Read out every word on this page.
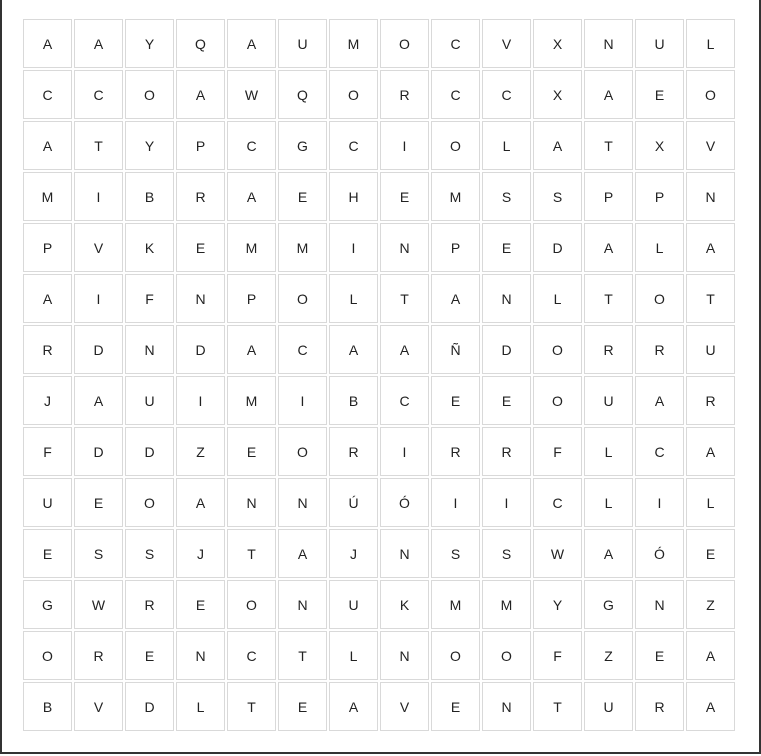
A	A	Y	Q	A	U	M	O	C	V	X	N	U	L
C	C	O	A	W	Q	O	R	C	C	X	A	E	O
A	T	Y	P	C	G	C	I	O	L	A	T	X	V
M	I	B	R	A	E	H	E	M	S	S	P	P	N
P	V	K	E	M	M	I	N	P	E	D	A	L	A
A	I	F	N	P	O	L	T	A	N	L	T	O	T
R	D	N	D	A	C	A	A	Ñ	D	O	R	R	U
J	A	U	I	M	I	B	C	E	E	O	U	A	R
F	D	D	Z	E	O	R	I	R	R	F	L	C	A
U	E	O	A	N	N	Ú	Ó	I	I	C	L	I	L
E	S	S	J	T	A	J	N	S	S	W	A	Ó	E
G	W	R	E	O	N	U	K	M	M	Y	G	N	Z
O	R	E	N	C	T	L	N	O	O	F	Z	E	A
B	V	D	L	T	E	A	V	E	N	T	U	R	A
